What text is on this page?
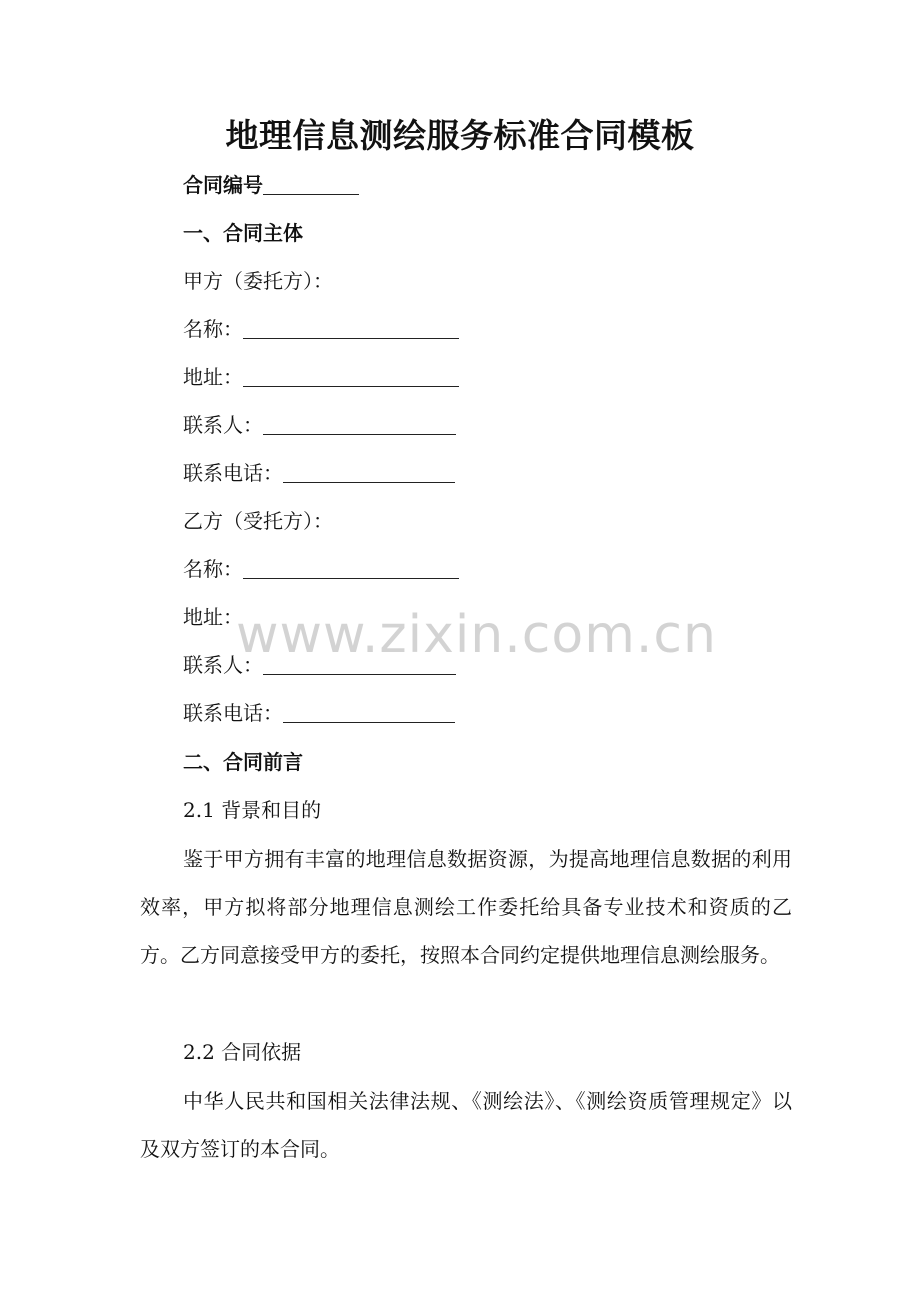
地理信息测绘服务标准合同模板
合同编号
一、合同主体
甲方（委托方）：
名称：
地址：
联系人：
联系电话：
乙方（受托方）：
名称：
地址：
联系人：
联系电话：
二、合同前言
2.1 背景和目的
鉴于甲方拥有丰富的地理信息数据资源，为提高地理信息数据的利用效率，甲方拟将部分地理信息测绘工作委托给具备专业技术和资质的乙方。乙方同意接受甲方的委托，按照本合同约定提供地理信息测绘服务。
2.2 合同依据
中华人民共和国相关法律法规、《测绘法》、《测绘资质管理规定》以及双方签订的本合同。
www.zixin.com.cn
